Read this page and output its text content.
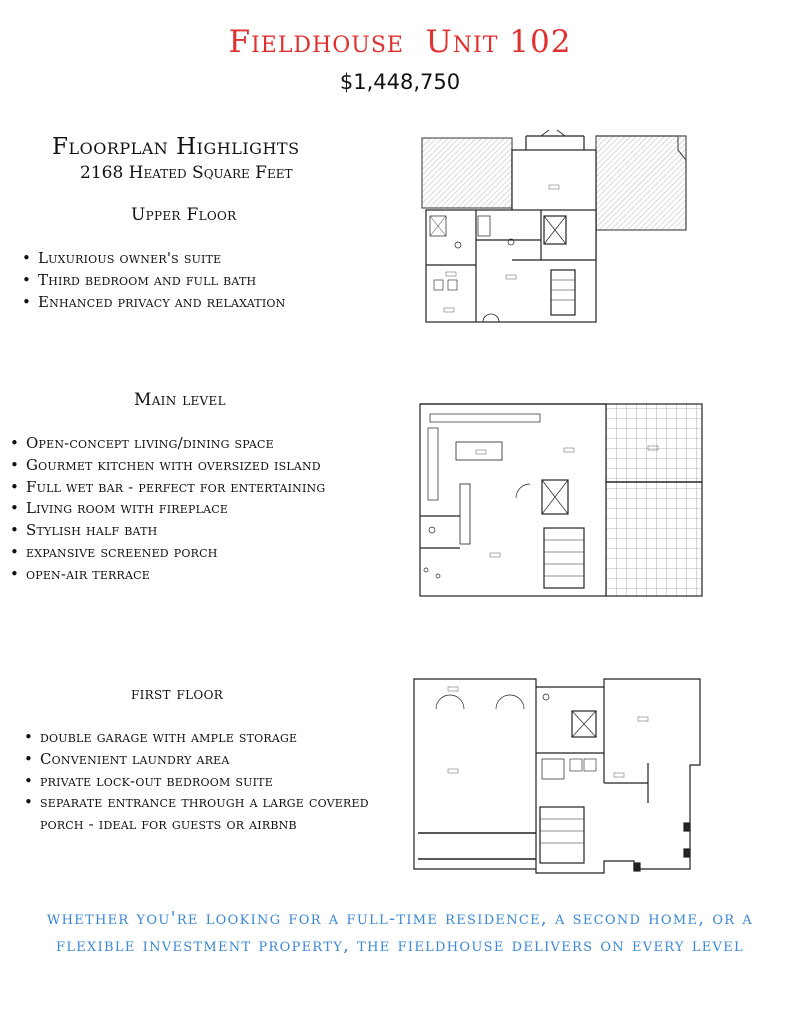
Fieldhouse  Unit 102
$1,448,750
Floorplan Highlights
2168 Heated Square Feet
Upper Floor
• Luxurious owner's suite
• Third bedroom and full bath
• Enhanced privacy and relaxation
Main level
• Open-concept living/dining space
• Gourmet kitchen with oversized island
• Full wet bar - perfect for entertaining
• Living room with fireplace
• Stylish half bath
• expansive screened porch
• open-air terrace
first floor
• double garage with ample storage
• Convenient laundry area
• private lock-out bedroom suite
• separate entrance through a large covered porch - ideal for guests or airbnb
whether you're looking for a full-time residence, a second home, or a flexible investment property, the fieldhouse delivers on every level
